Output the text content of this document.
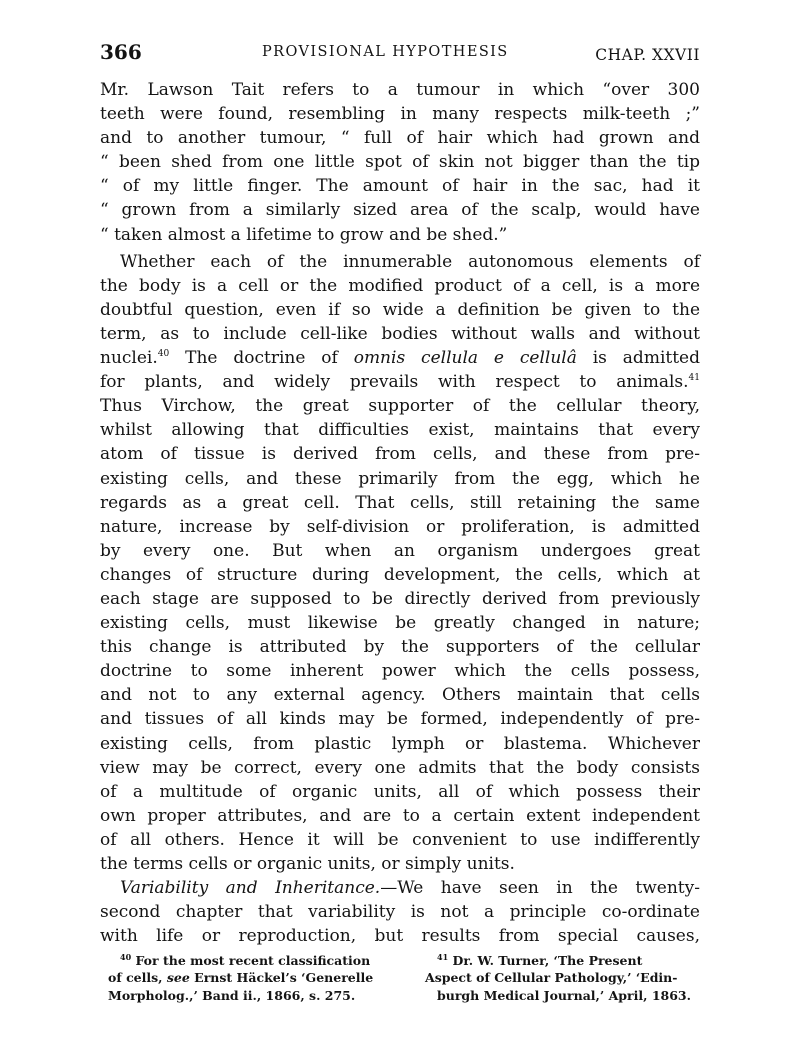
366	PROVISIONAL HYPOTHESIS	CHAP. XXVII
Mr. Lawson Tait refers to a tumour in which “over 300
teeth were found, resembling in many respects milk-teeth ;”
and to another tumour, “ full of hair which had grown and
“ been shed from one little spot of skin not bigger than the tip
“ of my little finger. The amount of hair in the sac, had it
“ grown from a similarly sized area of the scalp, would have
“ taken almost a lifetime to grow and be shed.”
Whether each of the innumerable autonomous elements of
the body is a cell or the modified product of a cell, is a more
doubtful question, even if so wide a definition be given to the
term, as to include cell-like bodies without walls and without
nuclei.$^{40}$ The doctrine of omnis cellula e cellulâ is admitted
for plants, and widely prevails with respect to animals.$^{41}$
Thus Virchow, the great supporter of the cellular theory,
whilst allowing that difficulties exist, maintains that every
atom of tissue is derived from cells, and these from pre-
existing cells, and these primarily from the egg, which he
regards as a great cell. That cells, still retaining the same
nature, increase by self-division or proliferation, is admitted
by every one. But when an organism undergoes great
changes of structure during development, the cells, which at
each stage are supposed to be directly derived from previously
existing cells, must likewise be greatly changed in nature;
this change is attributed by the supporters of the cellular
doctrine to some inherent power which the cells possess,
and not to any external agency. Others maintain that cells
and tissues of all kinds may be formed, independently of pre-
existing cells, from plastic lymph or blastema. Whichever
view may be correct, every one admits that the body consists
of a multitude of organic units, all of which possess their
own proper attributes, and are to a certain extent independent
of all others. Hence it will be convenient to use indifferently
the terms cells or organic units, or simply units.
Variability and Inheritance.—We have seen in the twenty-
second chapter that variability is not a principle co-ordinate
with life or reproduction, but results from special causes,
$^{40}$ For the most recent classification
of cells, see Ernst Häckel’s ‘Generelle
Morpholog.,’ Band ii., 1866, s. 275.
$^{41}$ Dr. W. Turner, ‘The Present
Aspect of Cellular Pathology,’ ‘Edin-
burgh Medical Journal,’ April, 1863.
